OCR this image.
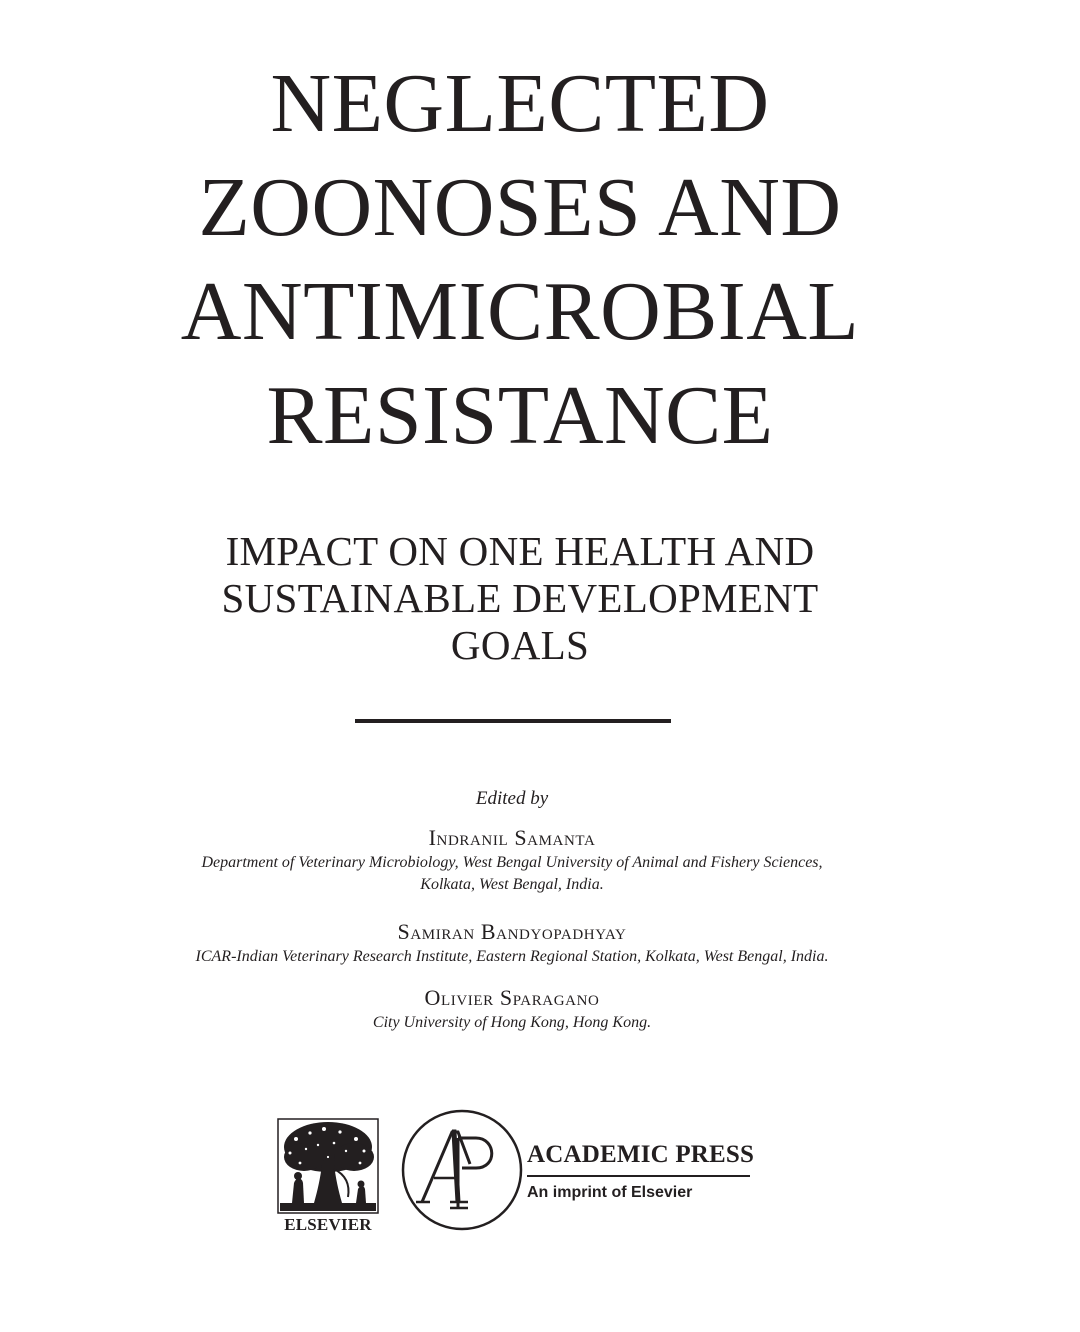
NEGLECTED
ZOONOSES AND
ANTIMICROBIAL
RESISTANCE
IMPACT ON ONE HEALTH AND
SUSTAINABLE DEVELOPMENT
GOALS
Edited by
Indranil Samanta
Department of Veterinary Microbiology, West Bengal University of Animal and Fishery Sciences,
Kolkata, West Bengal, India.
Samiran Bandyopadhyay
ICAR-Indian Veterinary Research Institute, Eastern Regional Station, Kolkata, West Bengal, India.
Olivier Sparagano
City University of Hong Kong, Hong Kong.
ELSEVIER
ACADEMIC PRESS
An imprint of Elsevier
